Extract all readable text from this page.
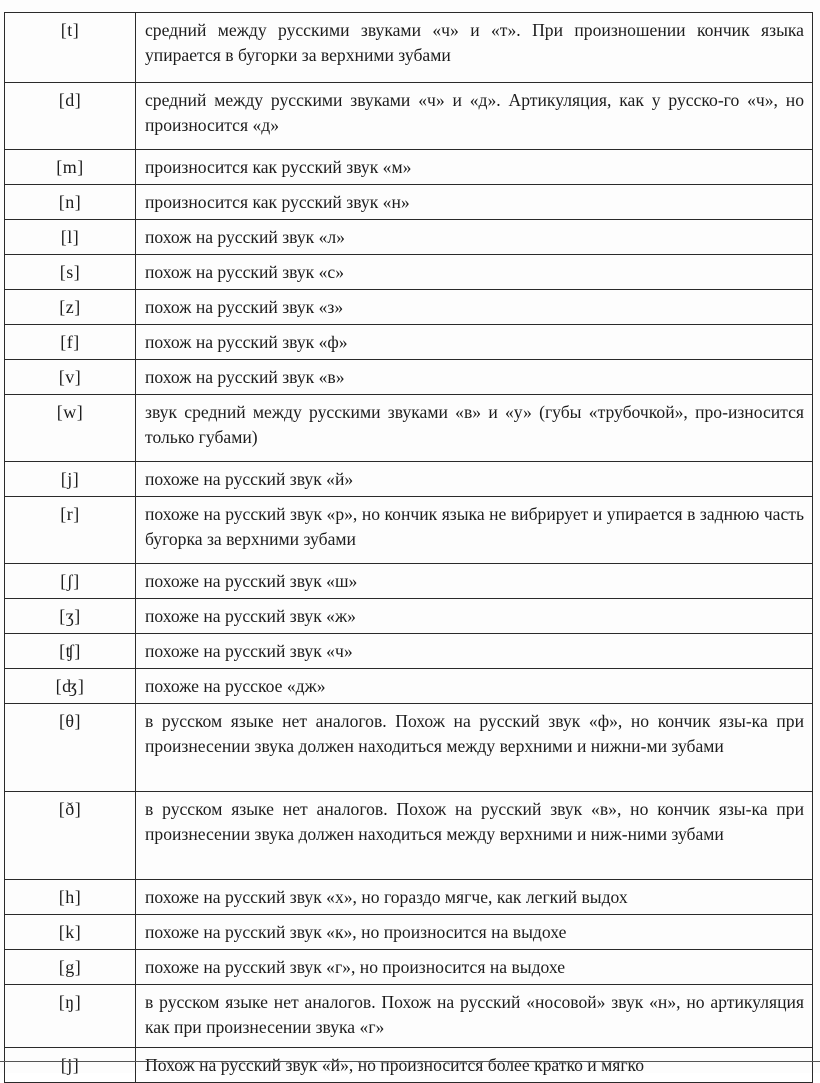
[t]	средний между русскими звуками «ч» и «т». При произношении кончик языка упирается в бугорки за верхними зубами
[d]	средний между русскими звуками «ч» и «д». Артикуляция, как у русско-го «ч», но произносится «д»
[m]	произносится как русский звук «м»
[n]	произносится как русский звук «н»
[l]	похож на русский звук «л»
[s]	похож на русский звук «с»
[z]	похож на русский звук «з»
[f]	похож на русский звук «ф»
[v]	похож на русский звук «в»
[w]	звук средний между русскими звуками «в» и «у» (губы «трубочкой», про-износится только губами)
[j]	похоже на русский звук «й»
[r]	похоже на русский звук «р», но кончик языка не вибрирует и упирается в заднюю часть бугорка за верхними зубами
[ʃ]	похоже на русский звук «ш»
[ʒ]	похоже на русский звук «ж»
[ʧ]	похоже на русский звук «ч»
[ʤ]	похоже на русское «дж»
[θ]	в русском языке нет аналогов. Похож на русский звук «ф», но кончик язы-ка при произнесении звука должен находиться между верхними и нижни-ми зубами
[ð]	в русском языке нет аналогов. Похож на русский звук «в», но кончик язы-ка при произнесении звука должен находиться между верхними и ниж-ними зубами
[h]	похоже на русский звук «х», но гораздо мягче, как легкий выдох
[k]	похоже на русский звук «к», но произносится на выдохе
[g]	похоже на русский звук «г», но произносится на выдохе
[ŋ]	в русском языке нет аналогов. Похож на русский «носовой» звук «н», но артикуляция как при произнесении звука «г»
[j]	Похож на русский звук «й», но произносится более кратко и мягко
